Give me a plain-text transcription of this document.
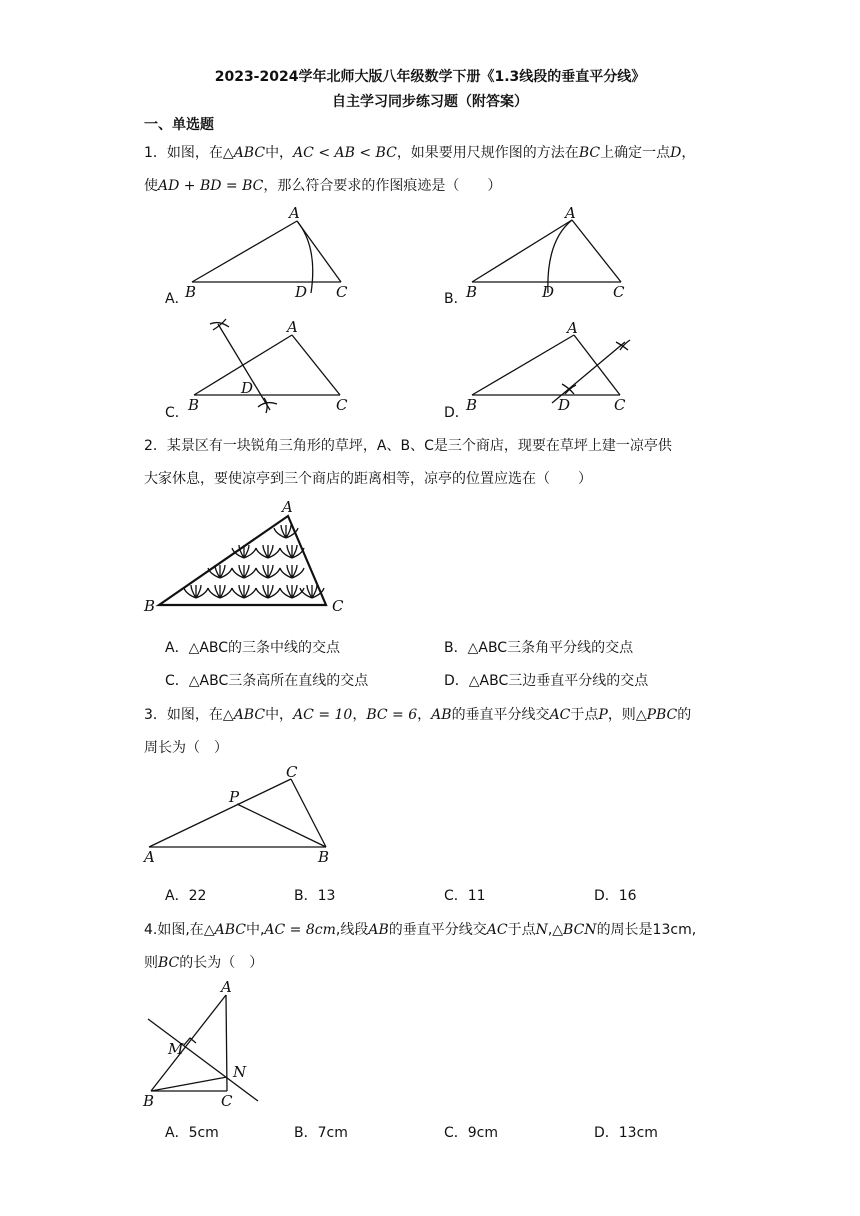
2023-2024学年北师大版八年级数学下册《1.3线段的垂直平分线》
自主学习同步练习题（附答案）
一、单选题
1．如图，在△ABC中，AC < AB < BC，如果要用尺规作图的方法在BC上确定一点D，
使AD + BD = BC，那么符合要求的作图痕迹是（　　）
A．
B
A
D C	B．
B
A
D	C
C． B
A
D
C	D．
B
A
D	C
2．某景区有一块锐角三角形的草坪，A、B、C是三个商店，现要在草坪上建一凉亭供
大家休息，要使凉亭到三个商店的距离相等，凉亭的位置应选在（　　）
B
A
C
A．△ABC的三条中线的交点	B．△ABC三条角平分线的交点
C．△ABC三条高所在直线的交点	D．△ABC三边垂直平分线的交点
3．如图，在△ABC中，AC = 10，BC = 6，AB的垂直平分线交AC于点P，则△PBC的
周长为（　）
A	B
C
P
A．22	B．13	C．11	D．16
4.如图,在△ABC中,AC = 8cm,线段AB的垂直平分线交AC于点N,△BCN的周长是13cm,
则BC的长为（　）
A
B	C
M
N
A．5cm	B．7cm	C．9cm	D．13cm
